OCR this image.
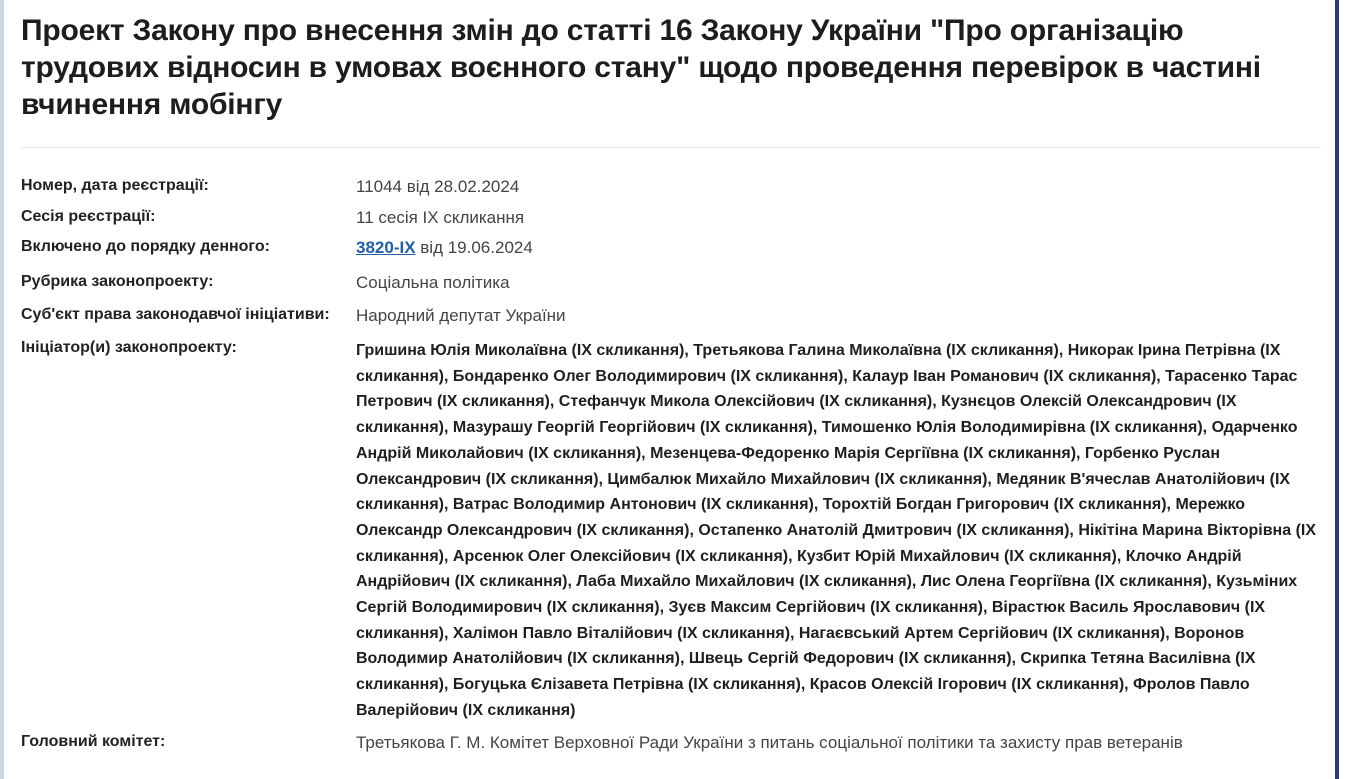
Проект Закону про внесення змін до статті 16 Закону України "Про організацію трудових відносин в умовах воєнного стану" щодо проведення перевірок в частині вчинення мобінгу
Номер, дата реєстрації:	11044 від 28.02.2024
Сесія реєстрації:	11 сесія IX скликання
Включено до порядку денного:	3820-IX від 19.06.2024
Рубрика законопроекту:	Соціальна політика
Суб'єкт права законодавчої ініціативи:	Народний депутат України
Ініціатор(и) законопроекту:	Гришина Юлія Миколаївна (IX скликання), Третьякова Галина Миколаївна (IX скликання), Никорак Ірина Петрівна (IX скликання), Бондаренко Олег Володимирович (IX скликання), Калаур Іван Романович (IX скликання), Тарасенко Тарас Петрович (IX скликання), Стефанчук Микола Олексійович (IX скликання), Кузнєцов Олексій Олександрович (IX скликання), Мазурашу Георгій Георгійович (IX скликання), Тимошенко Юлія Володимирівна (IX скликання), Одарченко Андрій Миколайович (IX скликання), Мезенцева-Федоренко Марія Сергіївна (IX скликання), Горбенко Руслан Олександрович (IX скликання), Цимбалюк Михайло Михайлович (IX скликання), Медяник В'ячеслав Анатолійович (IX скликання), Ватрас Володимир Антонович (IX скликання), Торохтій Богдан Григорович (IX скликання), Мережко Олександр Олександрович (IX скликання), Остапенко Анатолій Дмитрович (IX скликання), Нікітіна Марина Вікторівна (IX скликання), Арсенюк Олег Олексійович (IX скликання), Кузбит Юрій Михайлович (IX скликання), Клочко Андрій Андрійович (IX скликання), Лаба Михайло Михайлович (IX скликання), Лис Олена Георгіївна (IX скликання), Кузьміних Сергій Володимирович (IX скликання), Зуєв Максим Сергійович (IX скликання), Вірастюк Василь Ярославович (IX скликання), Халімон Павло Віталійович (IX скликання), Нагаєвський Артем Сергійович (IX скликання), Воронов Володимир Анатолійович (IX скликання), Швець Сергій Федорович (IX скликання), Скрипка Тетяна Василівна (IX скликання), Богуцька Єлізавета Петрівна (IX скликання), Красов Олексій Ігорович (IX скликання), Фролов Павло Валерійович (IX скликання)
Головний комітет:	Третьякова Г. М. Комітет Верховної Ради України з питань соціальної політики та захисту прав ветеранів
